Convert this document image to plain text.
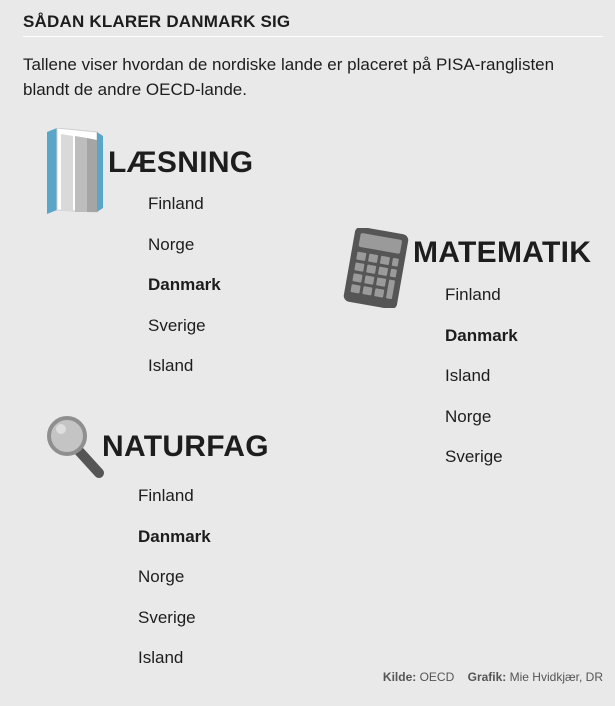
SÅDAN KLARER DANMARK SIG
Tallene viser hvordan de nordiske lande er placeret på PISA-ranglisten blandt de andre OECD-lande.
LÆSNING
Finland
Norge
Danmark
Sverige
Island
MATEMATIK
Finland
Danmark
Island
Norge
Sverige
NATURFAG
Finland
Danmark
Norge
Sverige
Island
Kilde: OECD Grafik: Mie Hvidkjær, DR
